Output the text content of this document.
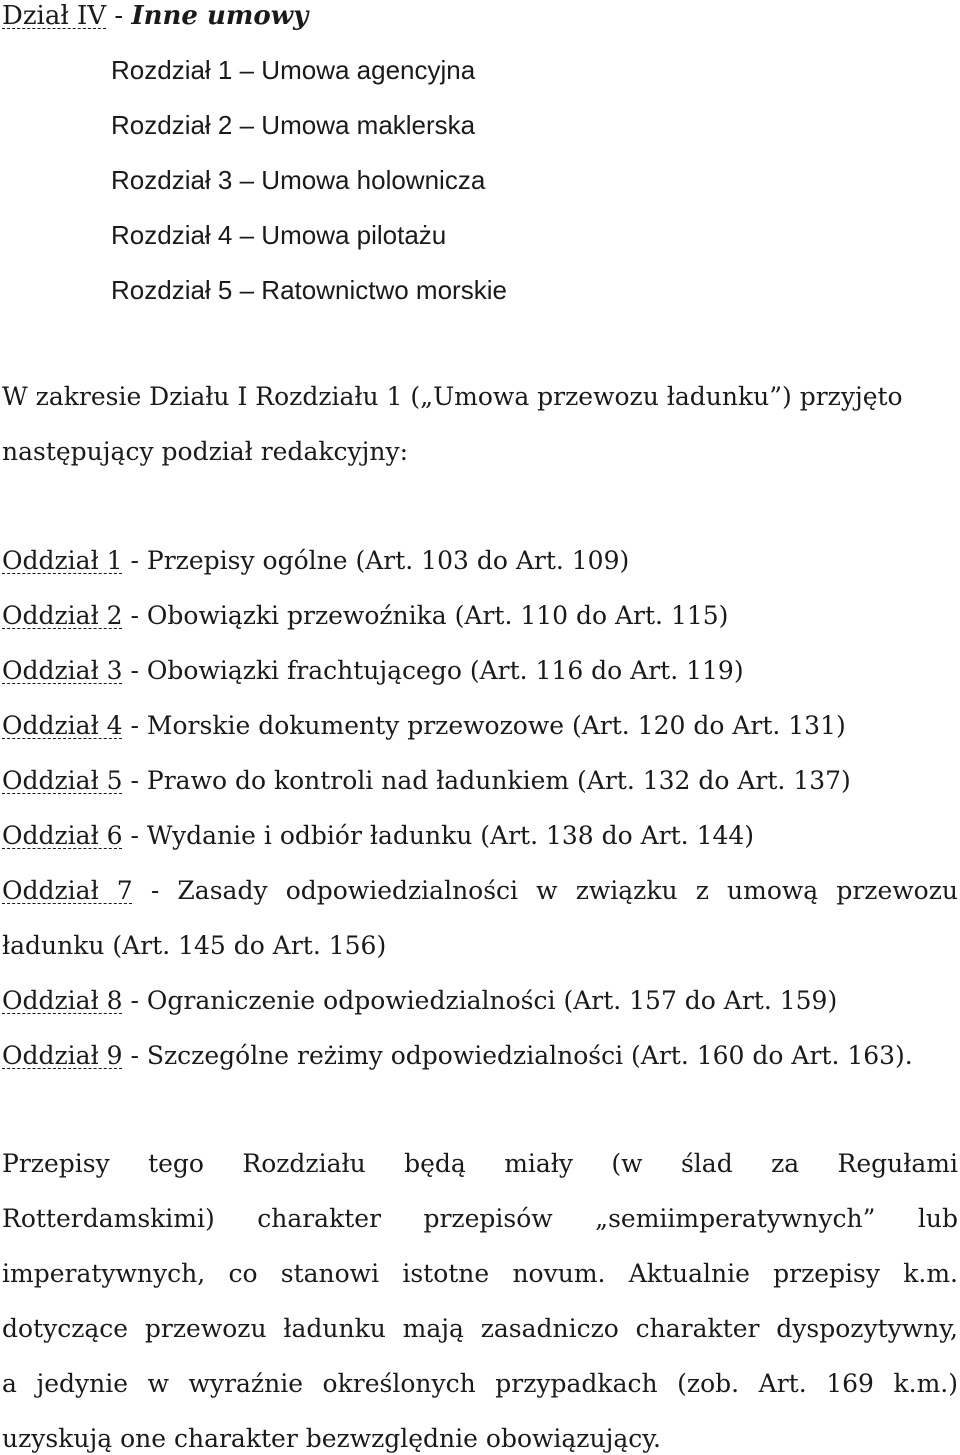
Dział IV - Inne umowy
Rozdział 1 – Umowa agencyjna
Rozdział 2 – Umowa maklerska
Rozdział 3 – Umowa holownicza
Rozdział 4 – Umowa pilotażu
Rozdział 5 – Ratownictwo morskie
W zakresie Działu I Rozdziału 1 („Umowa przewozu ładunku”) przyjęto
następujący podział redakcyjny:
Oddział 1 - Przepisy ogólne (Art. 103 do Art. 109)
Oddział 2 - Obowiązki przewoźnika (Art. 110 do Art. 115)
Oddział 3 - Obowiązki frachtującego (Art. 116 do Art. 119)
Oddział 4 - Morskie dokumenty przewozowe (Art. 120 do Art. 131)
Oddział 5 - Prawo do kontroli nad ładunkiem (Art. 132 do Art. 137)
Oddział 6 - Wydanie i odbiór ładunku (Art. 138 do Art. 144)
Oddział 7 - Zasady odpowiedzialności w związku z umową przewozu
ładunku (Art. 145 do Art. 156)
Oddział 8 - Ograniczenie odpowiedzialności (Art. 157 do Art. 159)
Oddział 9 - Szczególne reżimy odpowiedzialności (Art. 160 do Art. 163).
Przepisy tego Rozdziału będą miały (w ślad za Regułami
Rotterdamskimi) charakter przepisów „semiimperatywnych” lub
imperatywnych, co stanowi istotne novum. Aktualnie przepisy k.m.
dotyczące przewozu ładunku mają zasadniczo charakter dyspozytywny,
a jedynie w wyraźnie określonych przypadkach (zob. Art. 169 k.m.)
uzyskują one charakter bezwzględnie obowiązujący.
